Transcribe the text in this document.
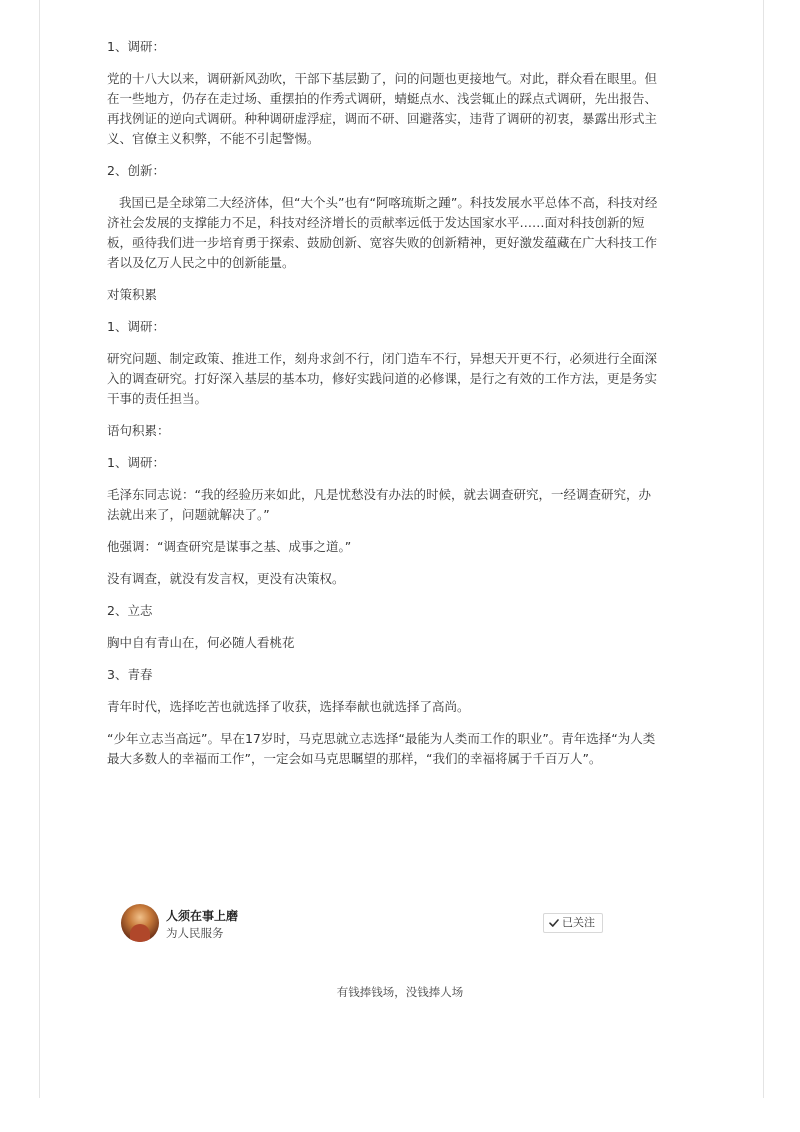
1、调研：

党的十八大以来，调研新风劲吹，干部下基层勤了，问的问题也更接地气。对此，群众看在眼里。但在一些地方，仍存在走过场、重摆拍的作秀式调研，蜻蜓点水、浅尝辄止的踩点式调研，先出报告、再找例证的逆向式调研。种种调研虚浮症，调而不研、回避落实，违背了调研的初衷，暴露出形式主义、官僚主义积弊，不能不引起警惕。

2、创新：

我国已是全球第二大经济体，但“大个头”也有“阿喀琉斯之踵”。科技发展水平总体不高，科技对经济社会发展的支撑能力不足，科技对经济增长的贡献率远低于发达国家水平……面对科技创新的短板，亟待我们进一步培育勇于探索、鼓励创新、宽容失败的创新精神，更好激发蕴藏在广大科技工作者以及亿万人民之中的创新能量。

对策积累

1、调研：

研究问题、制定政策、推进工作，刻舟求剑不行，闭门造车不行，异想天开更不行，必须进行全面深入的调查研究。打好深入基层的基本功，修好实践问道的必修课，是行之有效的工作方法，更是务实干事的责任担当。

语句积累：

1、调研：

毛泽东同志说：“我的经验历来如此，凡是忧愁没有办法的时候，就去调查研究，一经调查研究，办法就出来了，问题就解决了。”

他强调：“调查研究是谋事之基、成事之道。”

没有调查，就没有发言权，更没有决策权。

2、立志

胸中自有青山在，何必随人看桃花

3、青春

青年时代，选择吃苦也就选择了收获，选择奉献也就选择了高尚。

“少年立志当高远”。早在17岁时，马克思就立志选择“最能为人类而工作的职业”。青年选择“为人类最大多数人的幸福而工作”，一定会如马克思瞩望的那样，“我们的幸福将属于千百万人”。

人须在事上磨
为人民服务
已关注
有钱捧钱场，没钱捧人场
